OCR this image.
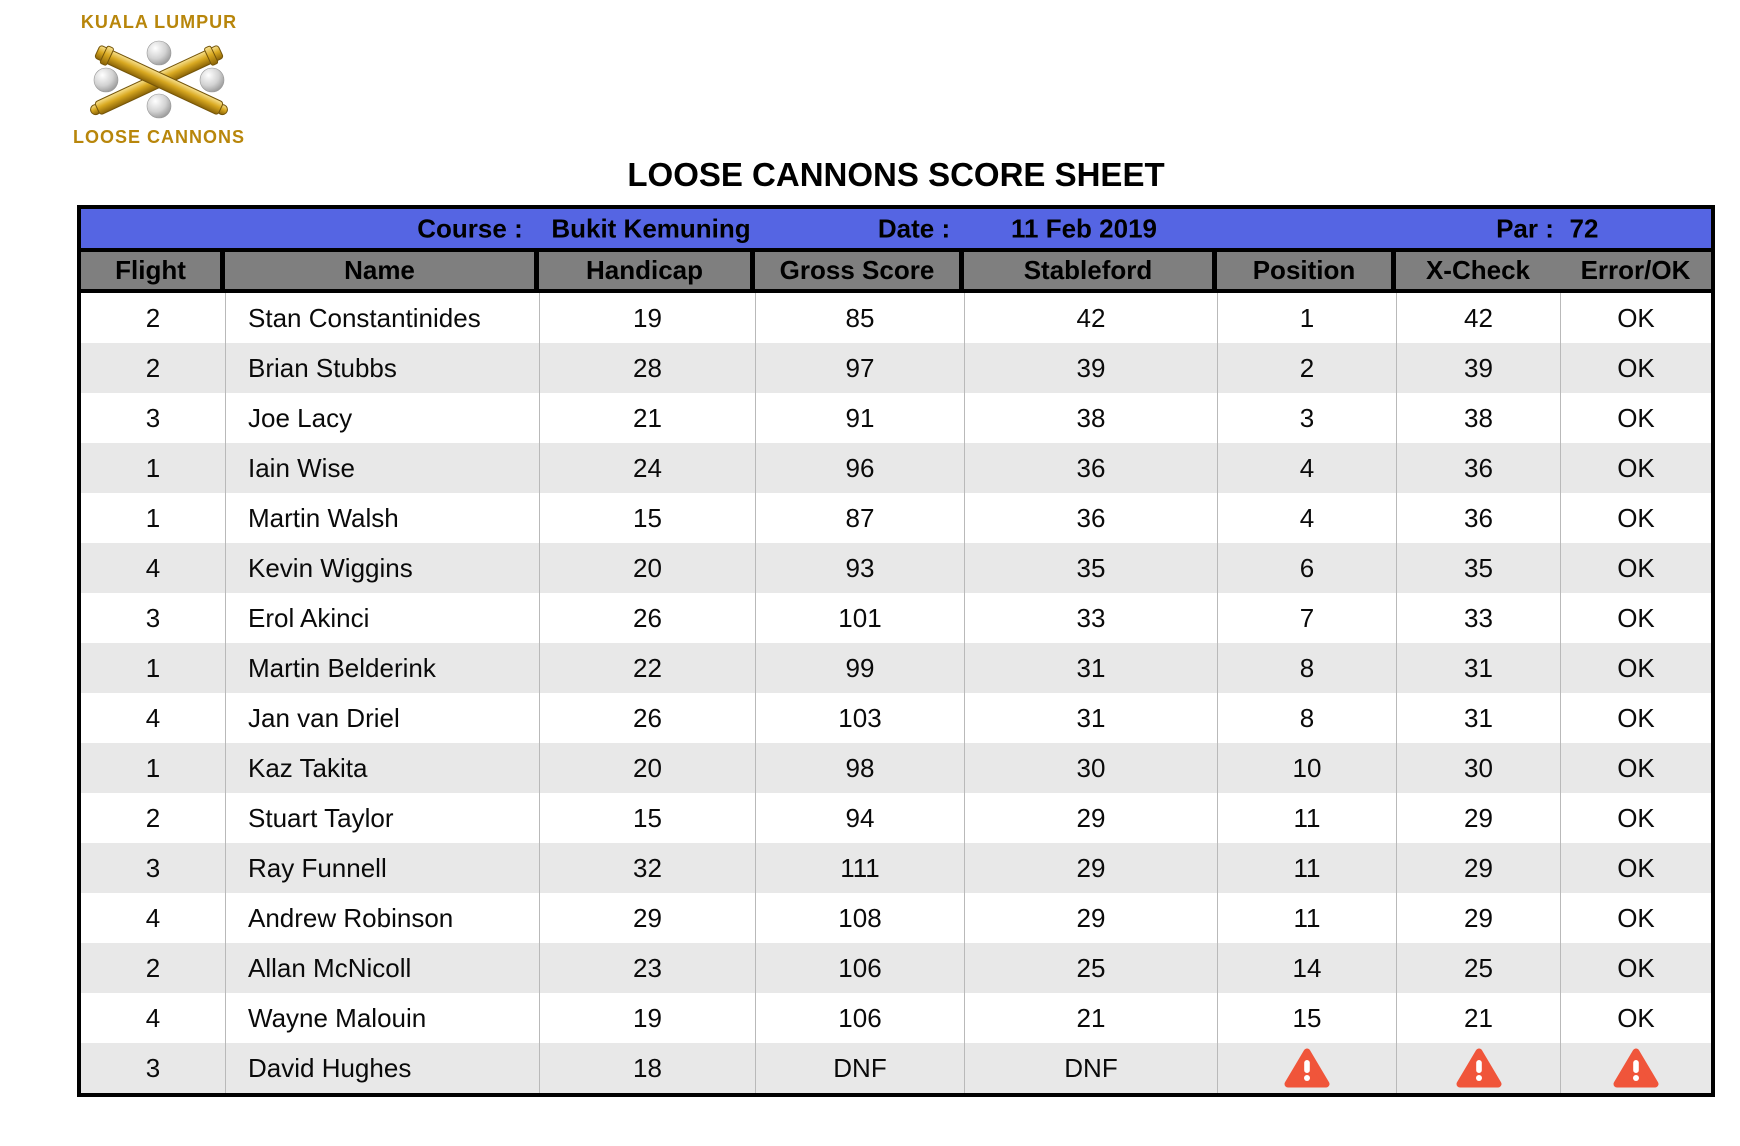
KUALA LUMPUR
LOOSE CANNONS
LOOSE CANNONS SCORE SHEET
Course : Bukit Kemuning	Date : 11 Feb 2019	Par : 72
Flight	Name	Handicap	Gross Score	Stableford	Position	X-Check	Error/OK
2	Stan Constantinides	19	85	42	1	42	OK
2	Brian Stubbs	28	97	39	2	39	OK
3	Joe Lacy	21	91	38	3	38	OK
1	Iain Wise	24	96	36	4	36	OK
1	Martin Walsh	15	87	36	4	36	OK
4	Kevin Wiggins	20	93	35	6	35	OK
3	Erol Akinci	26	101	33	7	33	OK
1	Martin Belderink	22	99	31	8	31	OK
4	Jan van Driel	26	103	31	8	31	OK
1	Kaz Takita	20	98	30	10	30	OK
2	Stuart Taylor	15	94	29	11	29	OK
3	Ray Funnell	32	111	29	11	29	OK
4	Andrew Robinson	29	108	29	11	29	OK
2	Allan McNicoll	23	106	25	14	25	OK
4	Wayne Malouin	19	106	21	15	21	OK
3	David Hughes	18	DNF	DNF
